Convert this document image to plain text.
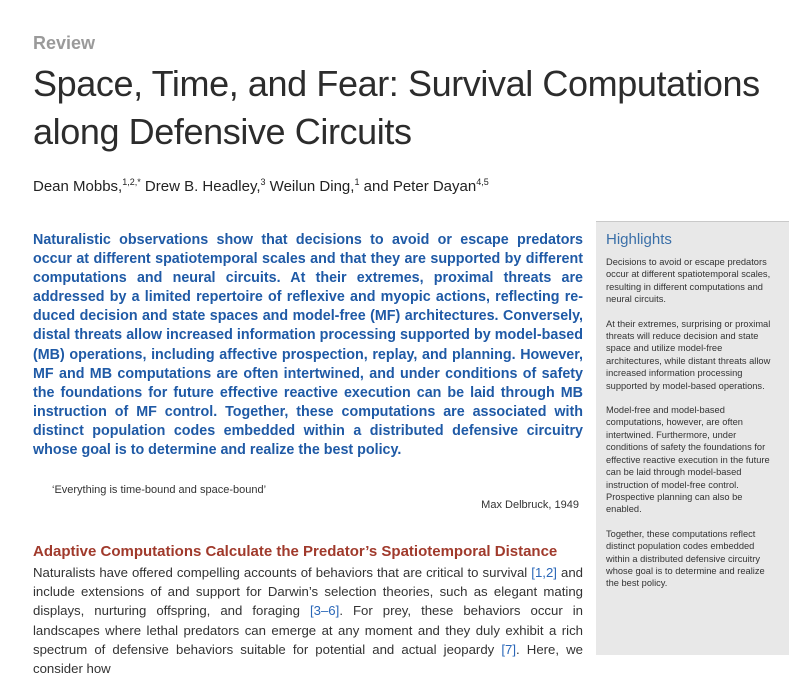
Review
Space, Time, and Fear: Survival Computations
along Defensive Circuits
Dean Mobbs,$^{1,2,*}$ Drew B. Headley,$^3$ Weilun Ding,$^1$ and Peter Dayan$^{4,5}$

Naturalistic observations show that decisions to avoid or escape predators occur at different spatiotemporal scales and that they are supported by different computations and neural circuits. At their extremes, proximal threats are addressed by a limited repertoire of reflexive and myopic actions, reflecting re-duced decision and state spaces and model-free (MF) architectures. Conversely, distal threats allow increased information processing supported by model-based (MB) operations, including affective prospection, replay, and planning. However, MF and MB computations are often intertwined, and under conditions of safety the foundations for future effective reactive execution can be laid through MB instruction of MF control. Together, these computations are associated with distinct population codes embedded within a distributed defensive circuitry whose goal is to determine and realize the best policy.

‘Everything is time-bound and space-bound’
Max Delbruck, 1949
Adaptive Computations Calculate the Predator’s Spatiotemporal Distance

Naturalists have offered compelling accounts of behaviors that are critical to survival [1,2] and include extensions of and support for Darwin’s selection theories, such as elegant mating displays, nurturing offspring, and foraging [3–6]. For prey, these behaviors occur in landscapes where lethal predators can emerge at any moment and they duly exhibit a rich spectrum of defensive behaviors suitable for potential and actual jeopardy [7]. Here, we consider how

Highlights

Decisions to avoid or escape predators occur at different spatiotemporal scales, resulting in different computations and neural circuits.

At their extremes, surprising or proximal threats will reduce decision and state space and utilize model-free architectures, while distant threats allow increased information processing supported by model-based operations.

Model-free and model-based computations, however, are often intertwined. Furthermore, under conditions of safety the foundations for effective reactive execution in the future can be laid through model-based instruction of model-free control. Prospective planning can also be enabled.

Together, these computations reflect distinct population codes embedded within a distributed defensive circuitry whose goal is to determine and realize the best policy.
